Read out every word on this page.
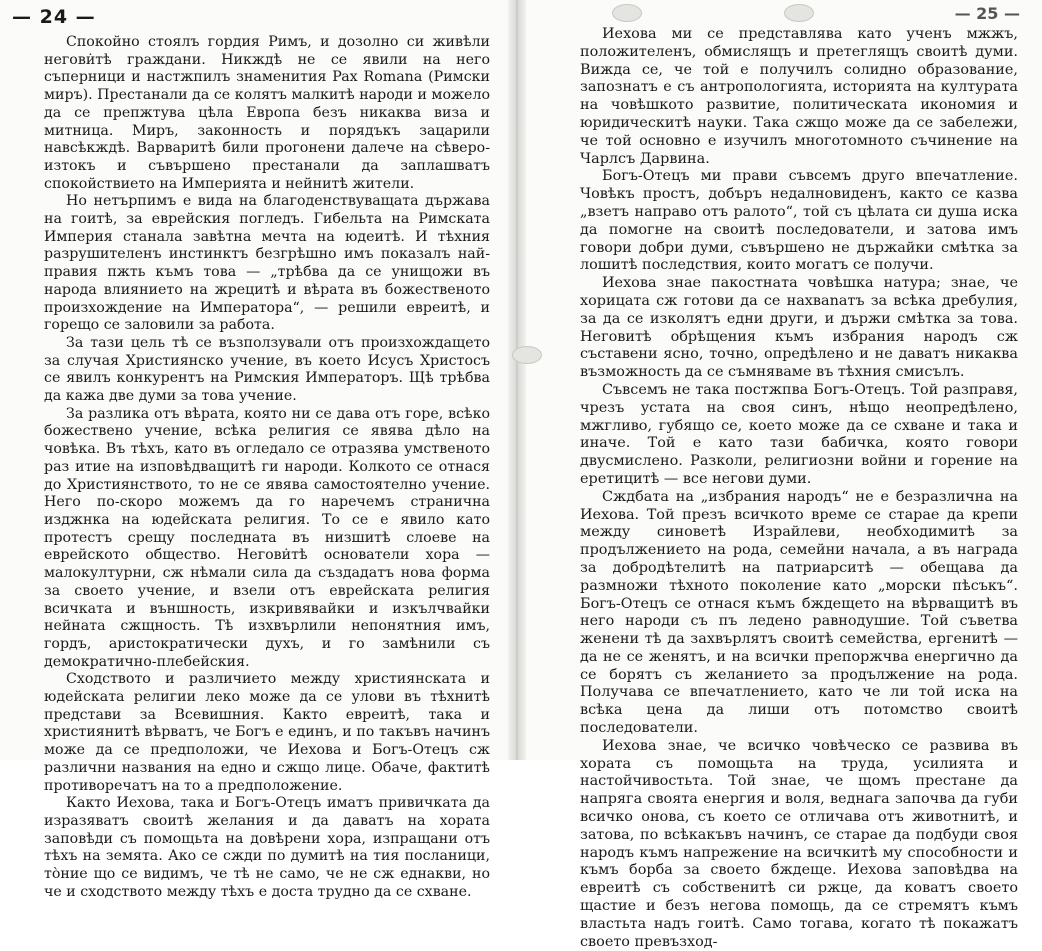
— 24 —

Спокойно стоялъ гордия Римъ, и дозолно си живѣли негови̇тѣ граждани. Никждѣ не се явили на него съперници и настжпилъ знаменития Pax Romana (Римски миръ). Престанали да се колятъ малкитѣ народи и можело да се препжтува цѣла Европа безъ никаква виза и митница. Миръ, законность и порядъкъ зацарили навсѣкждѣ. Варваритѣ били прогонени далече на сѣверо-изтокъ и съвършено престанали да заплашватъ спокойствието на Империята и нейнитѣ жители.

Но нетърпимъ е вида на благоденствуващата държава на гоитѣ, за еврейския погледъ. Гибельта на Римската Империя станала завѣтна мечта на юдеитѣ. И тѣхния разрушителенъ инстинктъ безгрѣшно имъ показалъ най-правия пжть къмъ това — „трѣбва да се унищожи въ народа влиянието на жрецитѣ и вѣрата въ божественото произхождение на Императора“, — решили евреитѣ, и горещо се заловили за работа.

За тази цель тѣ се възползували отъ произхождащето за случая Християнско учение, въ което Исусъ Христосъ се явилъ конкурентъ на Римския Императоръ. Щѣ трѣбва да кажа две думи за това учение.

За разлика отъ вѣрата, която ни се дава отъ горе, всѣко божествено учение, всѣка религия се явява дѣло на човѣка. Въ тѣхъ, като въ огледало се отразява умственото раз итие на изповѣдващитѣ ги народи. Колкото се отнася до Християнството, то не се явява самостоятелно учение. Него по-скоро можемъ да го наречемъ странична изджнка на юдейската религия. То се е явило като протестъ срещу последната въ низшитѣ слоеве на еврейското общество. Негови̇тѣ основатели хора — малокултурни, сж нѣмали сила да създадатъ нова форма за своето учение, и взели отъ еврейската религия всичката и външность, изкривявайки и изкълчвайки нейната сжщность. Тѣ изхвърлили непонятния имъ, гордъ, аристократически духъ, и го замѣнили съ демократично-плебейския.

Сходството и различието между християнската и юдейската религии леко може да се улови въ тѣхнитѣ представи за Всевишния. Както евреитѣ, така и християнитѣ вѣрватъ, че Богъ е единъ, и по такъвъ начинъ може да се предположи, че Иехова и Богъ-Отецъ сж различни названия на едно и сжщо лице. Обаче, фактитѣ противоречатъ на то а предположение.

Както Иехова, така и Богъ-Отецъ иматъ привичката да изразяватъ своитѣ желания и да даватъ на хората заповѣди съ помощьта на довѣрени хора, изпращани отъ тѣхъ на земята. Ако се сжди по думитѣ на тия посланици, то̀ние що се видимъ, че тѣ не само, че не сж еднакви, но че и сходството между тѣхъ е доста трудно да се схване.

— 25 —

Иехова ми се представлява като ученъ мжжъ, положителенъ, обмислящъ и претеглящъ своитѣ думи. Вижда се, че той е получилъ солидно образование, запознатъ е съ антропологията, историята на културата на човѣшкото развитие, политическата икономия и юридическитѣ науки. Така сжщо може да се забележи, че той основно е изучилъ многотомното съчинение на Чарлсъ Дарвина.

Богъ-Отецъ ми прави съвсемъ друго впечатление. Човѣкъ простъ, добъръ недалновиденъ, както се казва „взетъ направо отъ ралото“, той съ цѣлата си душа иска да помогне на своитѣ последователи, и затова имъ говори добри думи, съвършено не държайки смѣтка за лошитѣ последствия, които могатъ се получи.

Иехова знае пакостната човѣшка натура; знае, че хорицата сж готови да се нахвanатъ за всѣка дребулия, за да се изколятъ едни други, и държи смѣтка за това. Неговитѣ обрѣщения къмъ избрания народъ сж съставени ясно, точно, опредѣлено и не даватъ никаква възможность да се съмняваме въ тѣхния смисълъ.

Съвсемъ не така постжпва Богъ-Отецъ. Той разправя, чрезъ устата на своя синъ, нѣщо неопредѣлено, мжгливо, губящо се, което може да се схване и така и иначе. Той е като тази бабичка, която говори двусмислено. Разколи, религиозни войни и горение на еретицитѣ — все негови думи.

Сждбата на „избрания народъ“ не е безразлична на Иехова. Той презъ всичкото време се старае да крепи между синоветѣ Израйлеви, необходимитѣ за продължението на рода, семейни начала, а въ награда за добродѣтелитѣ на патриарситѣ — обещава да размножи тѣхното поколение като „морски пѣсъкъ“. Богъ-Отецъ се отнася къмъ бждещето на вѣрващитѣ въ него народи съ пъ ледено равнодушие. Той съветва женени тѣ да захвърлятъ своитѣ семейства, ергенитѣ — да не се женятъ, и на всички препоржчва енергично да се борятъ съ желанието за продължение на рода. Получава се впечатлението, като че ли той иска на всѣка цена да лиши отъ потомство своитѣ последователи.

Иехова знае, че всичко човѣческо се развива въ хората съ помощьта на труда, усилията и настойчивостьта. Той знае, че щомъ престане да напряга своята енергия и воля, веднага започва да губи всичко онова, съ което се отличава отъ животнитѣ, и затова, по всѣкакъвъ начинъ, се старае да подбуди своя народъ къмъ напрежение на всичкитѣ му способности и къмъ борба за своето бждеще. Иехова заповѣдва на евреитѣ съ собственитѣ си ржце, да коватъ своето щастие и безъ негова помощь, да се стремятъ къмъ властьта надъ гоитѣ. Само тогава, когато тѣ покажатъ своето превъзход-
